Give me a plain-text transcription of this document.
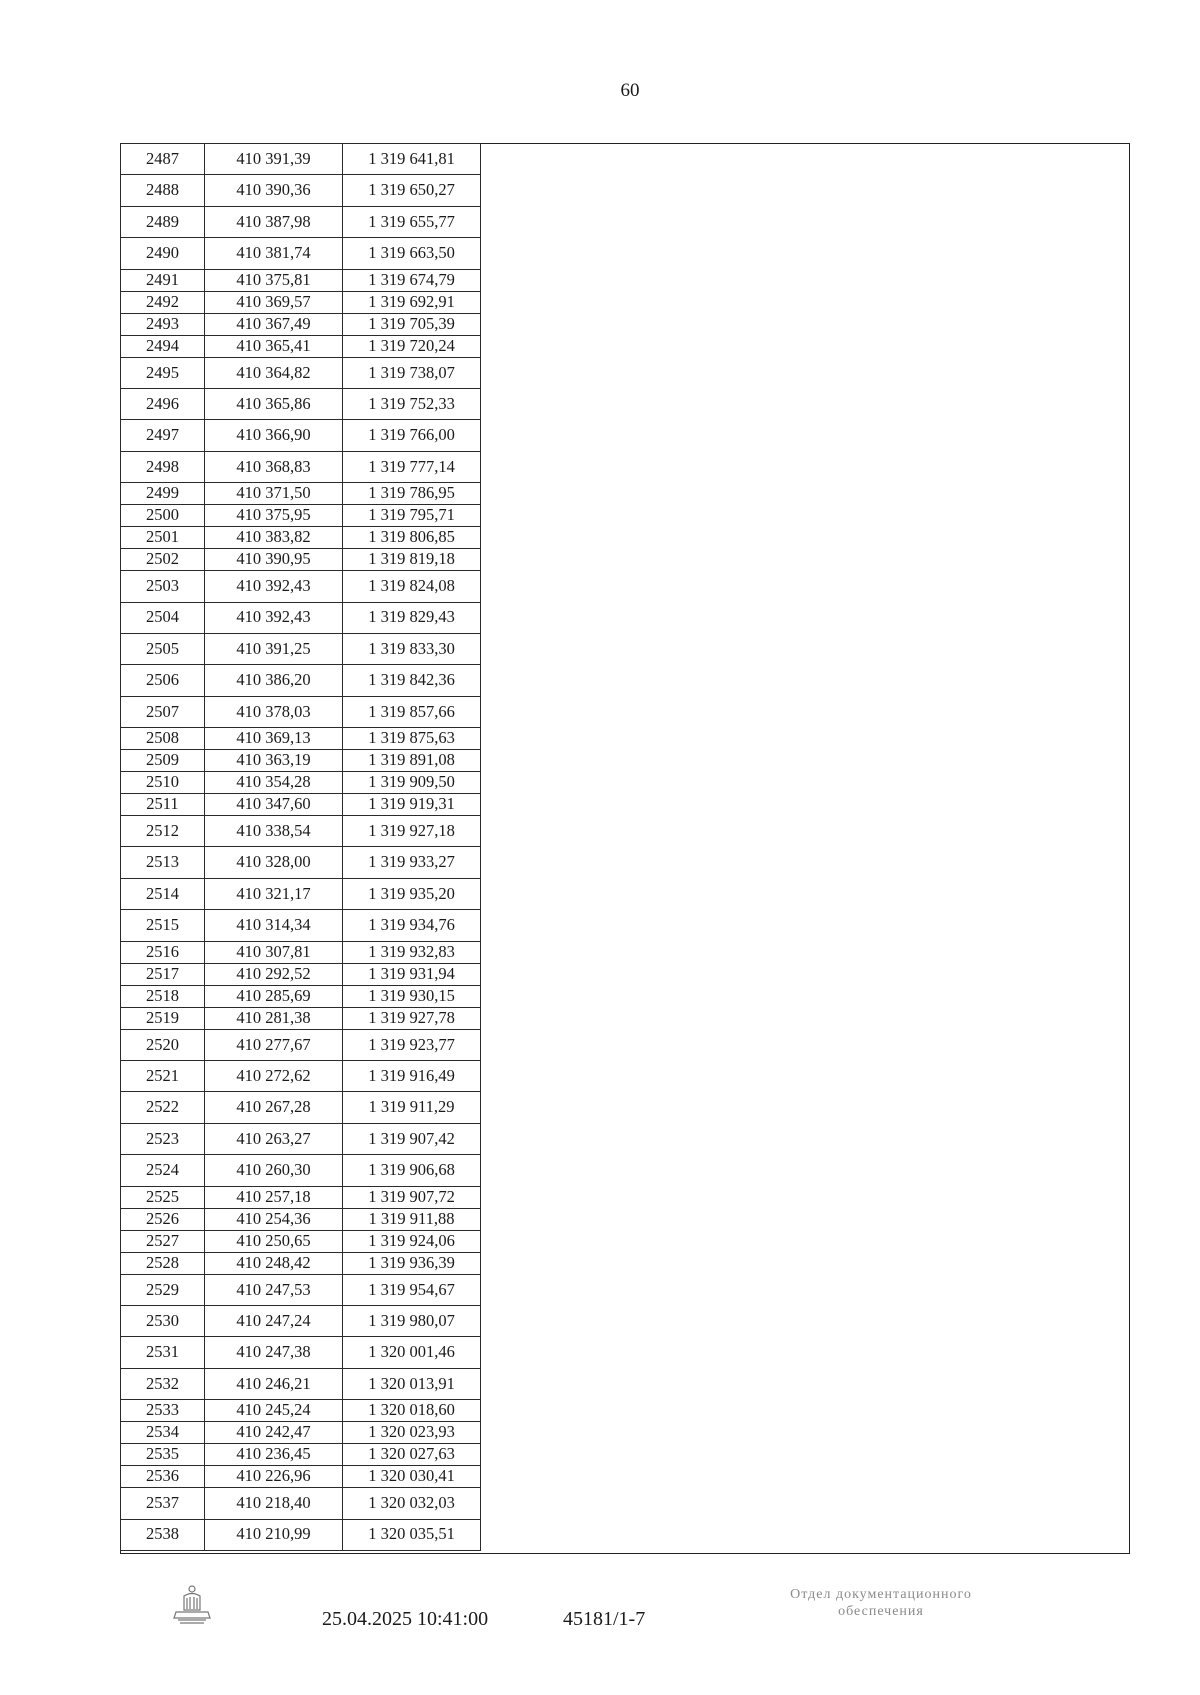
60
2487	410 391,39	1 319 641,81
2488	410 390,36	1 319 650,27
2489	410 387,98	1 319 655,77
2490	410 381,74	1 319 663,50
2491	410 375,81	1 319 674,79
2492	410 369,57	1 319 692,91
2493	410 367,49	1 319 705,39
2494	410 365,41	1 319 720,24
2495	410 364,82	1 319 738,07
2496	410 365,86	1 319 752,33
2497	410 366,90	1 319 766,00
2498	410 368,83	1 319 777,14
2499	410 371,50	1 319 786,95
2500	410 375,95	1 319 795,71
2501	410 383,82	1 319 806,85
2502	410 390,95	1 319 819,18
2503	410 392,43	1 319 824,08
2504	410 392,43	1 319 829,43
2505	410 391,25	1 319 833,30
2506	410 386,20	1 319 842,36
2507	410 378,03	1 319 857,66
2508	410 369,13	1 319 875,63
2509	410 363,19	1 319 891,08
2510	410 354,28	1 319 909,50
2511	410 347,60	1 319 919,31
2512	410 338,54	1 319 927,18
2513	410 328,00	1 319 933,27
2514	410 321,17	1 319 935,20
2515	410 314,34	1 319 934,76
2516	410 307,81	1 319 932,83
2517	410 292,52	1 319 931,94
2518	410 285,69	1 319 930,15
2519	410 281,38	1 319 927,78
2520	410 277,67	1 319 923,77
2521	410 272,62	1 319 916,49
2522	410 267,28	1 319 911,29
2523	410 263,27	1 319 907,42
2524	410 260,30	1 319 906,68
2525	410 257,18	1 319 907,72
2526	410 254,36	1 319 911,88
2527	410 250,65	1 319 924,06
2528	410 248,42	1 319 936,39
2529	410 247,53	1 319 954,67
2530	410 247,24	1 319 980,07
2531	410 247,38	1 320 001,46
2532	410 246,21	1 320 013,91
2533	410 245,24	1 320 018,60
2534	410 242,47	1 320 023,93
2535	410 236,45	1 320 027,63
2536	410 226,96	1 320 030,41
2537	410 218,40	1 320 032,03
2538	410 210,99	1 320 035,51
25.04.2025 10:41:00	45181/1-7
Отдел документационного
обеспечения
